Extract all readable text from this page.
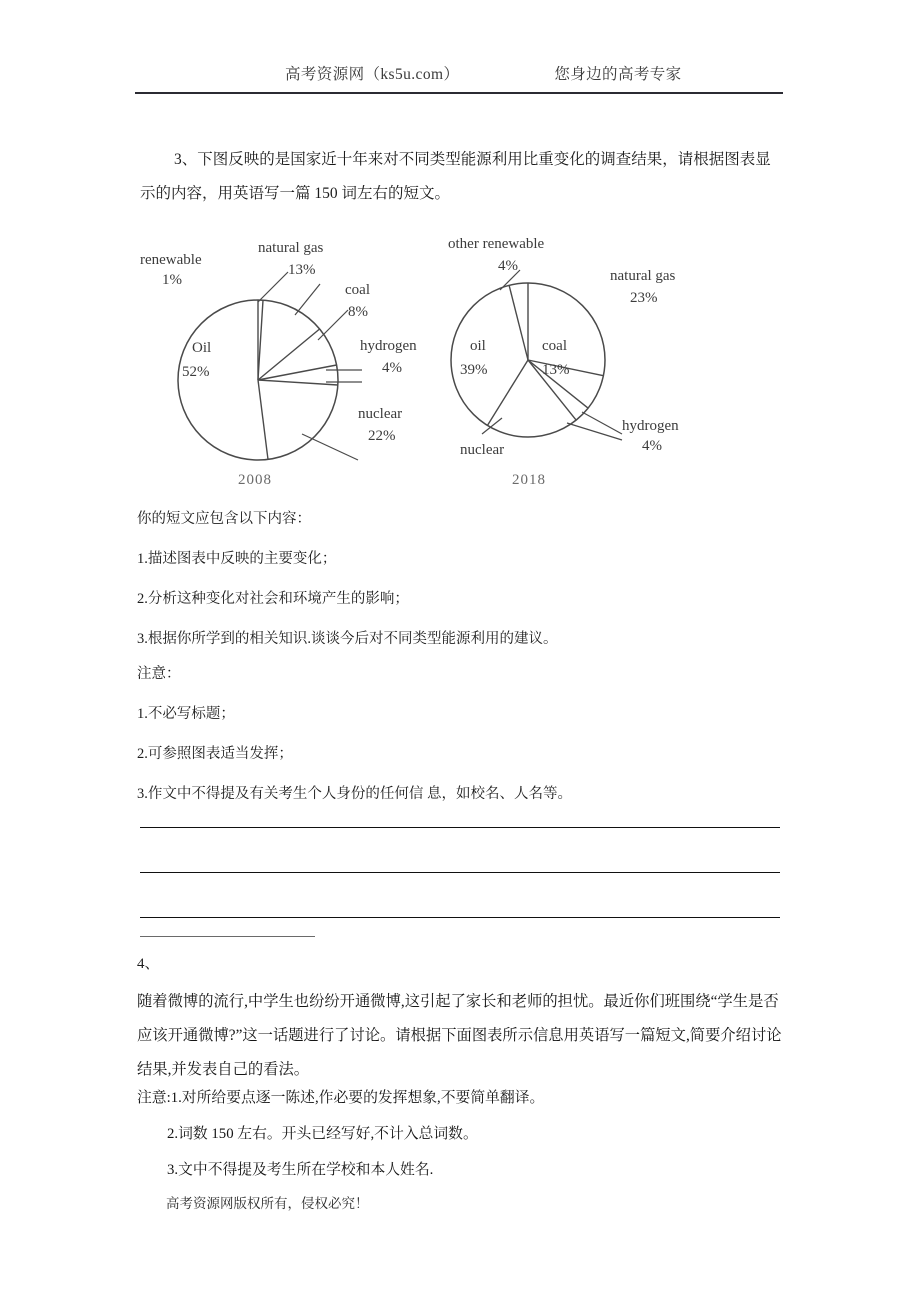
高考资源网（ks5u.com）	您身边的高考专家
3、下图反映的是国家近十年来对不同类型能源利用比重变化的调查结果，请根据图表显示的内容，用英语写一篇 150 词左右的短文。
renewable
1%
natural gas
13%
coal
8%
hydrogen
4%
nuclear
22%
Oil
52%
2008
other renewable
4%
natural gas
23%
coal
13%
hydrogen
4%
nuclear
oil
39%
2018
你的短文应包含以下内容：
1.描述图表中反映的主要变化；
2.分析这种变化对社会和环境产生的影响；
3.根据你所学到的相关知识.谈谈今后对不同类型能源利用的建议。
注意：
1.不必写标题；
2.可参照图表适当发挥；
3.作文中不得提及有关考生个人身份的任何信 息，如校名、人名等。
4、
随着微博的流行,中学生也纷纷开通微博,这引起了家长和老师的担忧。最近你们班围绕“学生是否应该开通微博?”这一话题进行了讨论。请根据下面图表所示信息用英语写一篇短文,简要介绍讨论结果,并发表自己的看法。
注意:1.对所给要点逐一陈述,作必要的发挥想象,不要简单翻译。
2.词数 150 左右。开头已经写好,不计入总词数。
3.文中不得提及考生所在学校和本人姓名.
高考资源网版权所有，侵权必究！
